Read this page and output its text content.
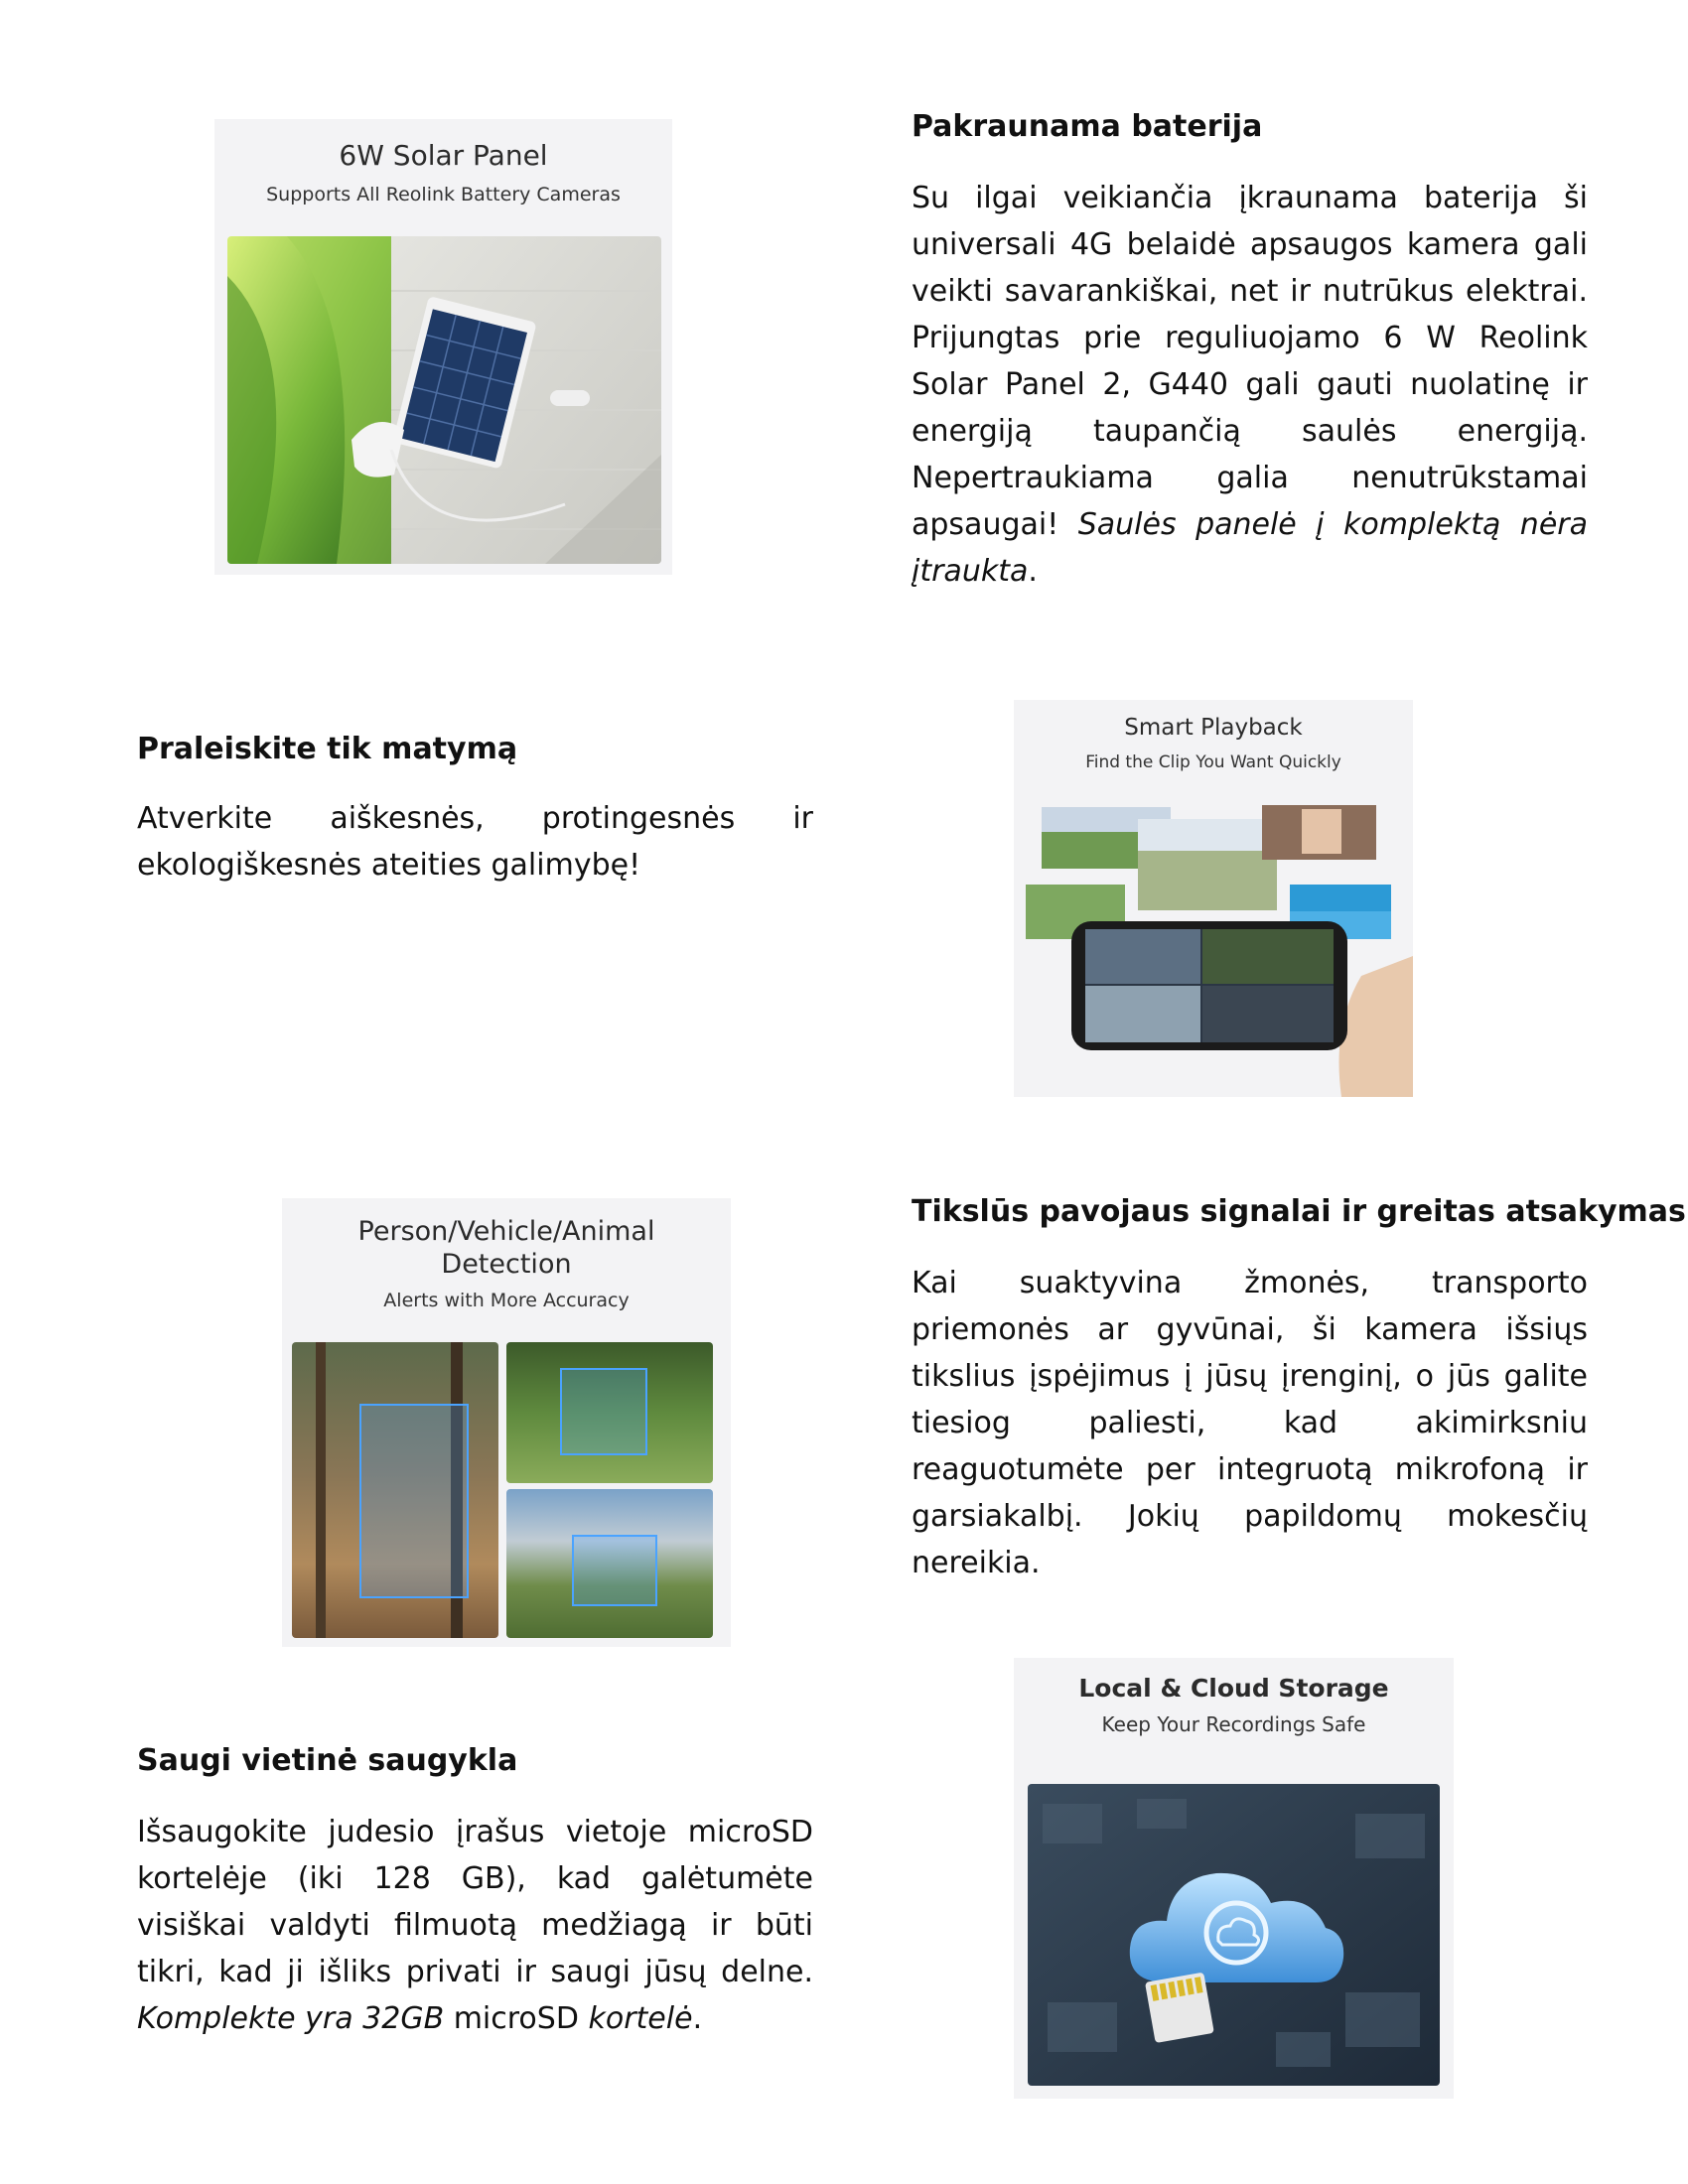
6W Solar Panel
Supports All Reolink Battery Cameras
Pakraunama baterija
Su ilgai veikiančia įkraunama baterija ši universali 4G belaidė apsaugos kamera gali veikti savarankiškai, net ir nutrūkus elektrai. Prijungtas prie reguliuojamo 6 W Reolink Solar Panel 2, G440 gali gauti nuolatinę ir energiją taupančią saulės energiją. Nepertraukiama galia nenutrūkstamai apsaugai! Saulės panelė į komplektą nėra įtraukta.
Praleiskite tik matymą
Atverkite aiškesnės, protingesnės ir ekologiškesnės ateities galimybę!
Smart Playback
Find the Clip You Want Quickly
Person/Vehicle/Animal
Detection
Alerts with More Accuracy
Tikslūs pavojaus signalai ir greitas atsakymas
Kai suaktyvina žmonės, transporto priemonės ar gyvūnai, ši kamera išsiųs tikslius įspėjimus į jūsų įrenginį, o jūs galite tiesiog paliesti, kad akimirksniu reaguotumėte per integruotą mikrofoną ir garsiakalbį. Jokių papildomų mokesčių nereikia.
Saugi vietinė saugykla
Išsaugokite judesio įrašus vietoje microSD kortelėje (iki 128 GB), kad galėtumėte visiškai valdyti filmuotą medžiagą ir būti tikri, kad ji išliks privati ir saugi jūsų delne. Komplekte yra 32GB microSD kortelė.
Local & Cloud Storage
Keep Your Recordings Safe
